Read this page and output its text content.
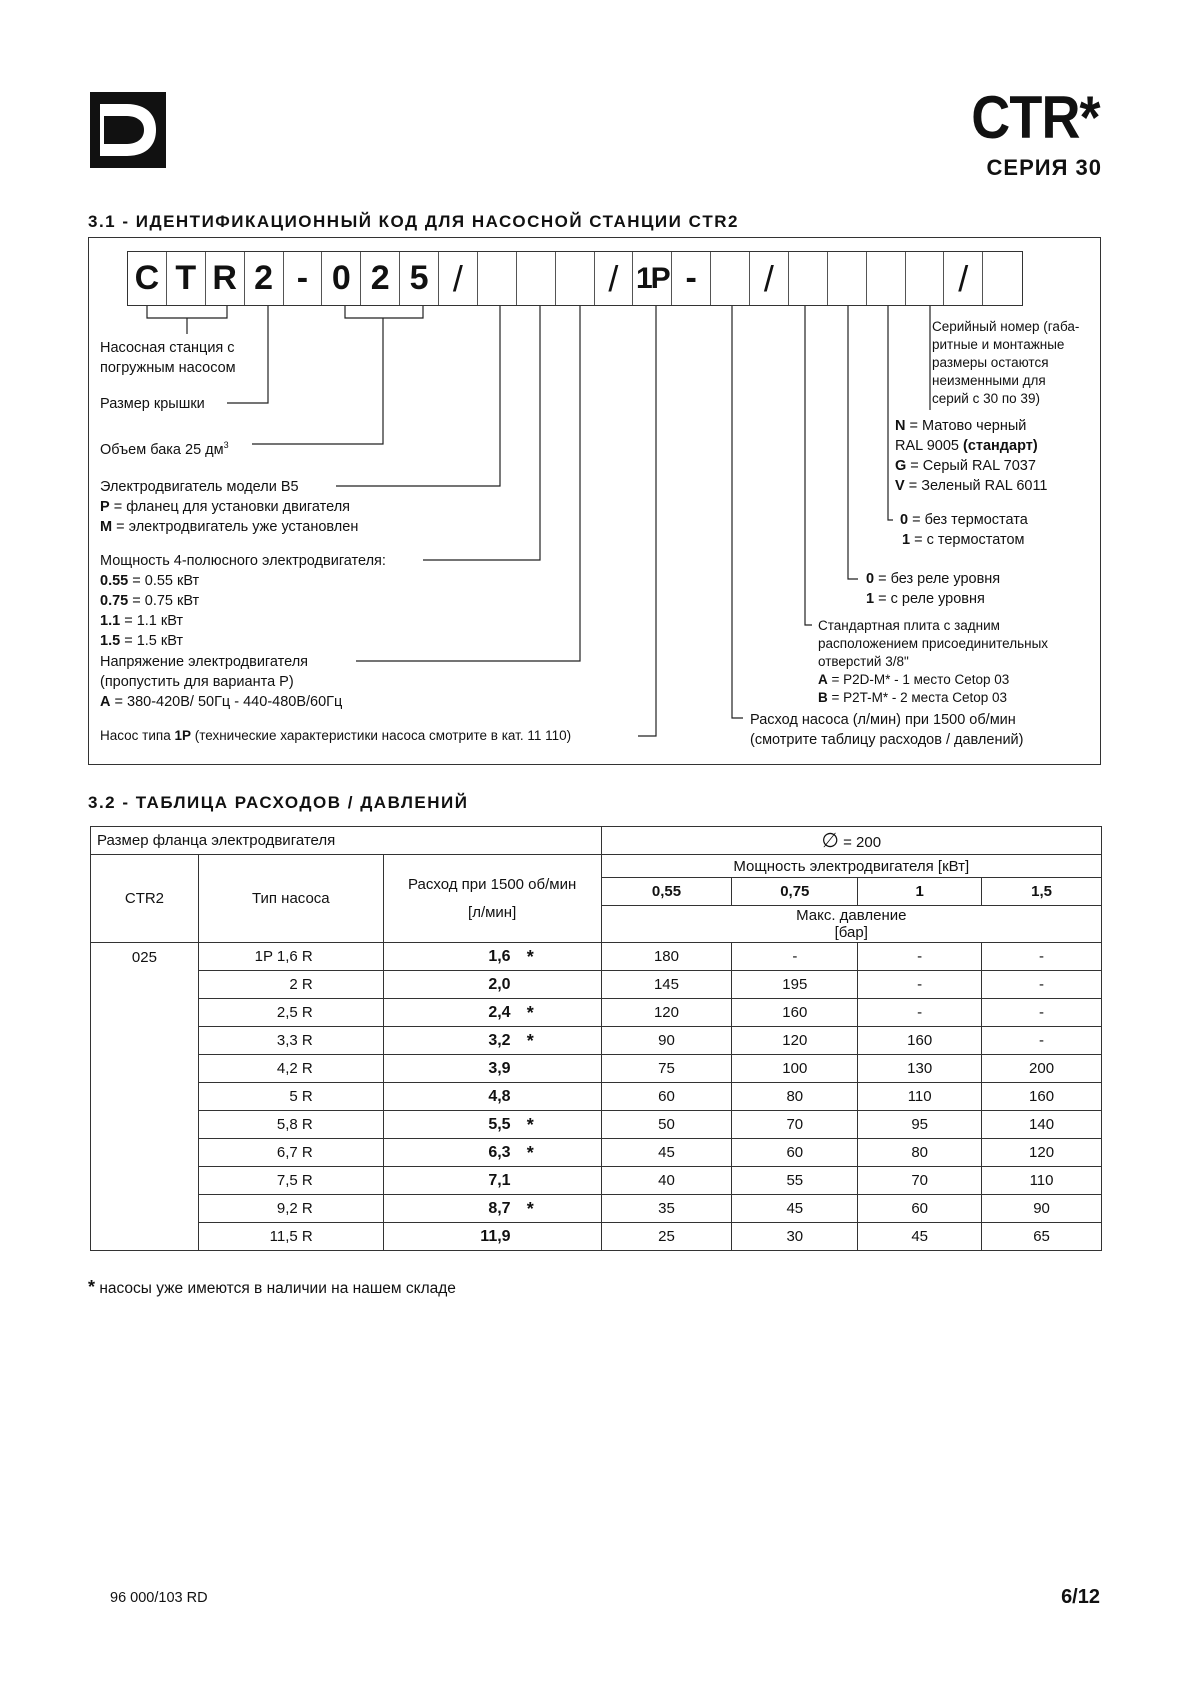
CTR*
СЕРИЯ 30
3.1 - ИДЕНТИФИКАЦИОННЫЙ КОД ДЛЯ НАСОСНОЙ СТАНЦИИ CTR2
C T R 2 - 0 2 5 /	/ 1P -	/	/
Насосная станция с
погружным насосом
Размер крышки
Объем бака 25 $дм^3$
Электродвигатель модели B5
P = фланец для установки двигателя
M = электродвигатель уже установлен
Мощность 4-полюсного электродвигателя:
0.55 = 0.55 кВт
0.75 = 0.75 кВт
1.1 = 1.1 кВт
1.5 = 1.5 кВт
Напряжение электродвигателя
(пропустить для варианта P)
A = 380-420В/ 50Гц - 440-480В/60Гц
Насос типа 1P (технические характеристики насоса смотрите в кат. 11 110)
Серийный номер (габа-
ритные и монтажные
размеры остаются
неизменными для
серий с 30 по 39)
N = Матово черный
RAL 9005 (стандарт)
G = Серый RAL 7037
V = Зеленый RAL 6011
0 = без термостата
1 = с термостатом
0 = без реле уровня
1 = с реле уровня
Стандартная плита с задним
расположением присоединительных
отверстий 3/8"
A = P2D-M* - 1 место Cetop 03
B = P2T-M* - 2 места Cetop 03
Расход насоса (л/мин) при 1500 об/мин
(смотрите таблицу расходов / давлений)
3.2 - ТАБЛИЦА РАСХОДОВ / ДАВЛЕНИЙ
Размер фланца электродвигателя			∅ = 200			
CTR2	Тип насоса	Расход при 1500 об/мин
[л/мин]	Мощность электродвигателя [кВт]			
			0,55	0,75	1	1,5

			Макс. давление
[бар]			

025	1P 1,6 R	1,6 *	180	-	-	-
	2 R	2,0	145	195	-	-
	2,5 R	2,4 *	120	160	-	-
	3,3 R	3,2 *	90	120	160	-
	4,2 R	3,9	75	100	130	200
	5 R	4,8	60	80	110	160
	5,8 R	5,5 *	50	70	95	140
	6,7 R	6,3 *	45	60	80	120
	7,5 R	7,1	40	55	70	110
	9,2 R	8,7 *	35	45	60	90
	11,5 R	11,9	25	30	45	65
* насосы уже имеются в наличии на нашем складе
96 000/103 RD	6/12
